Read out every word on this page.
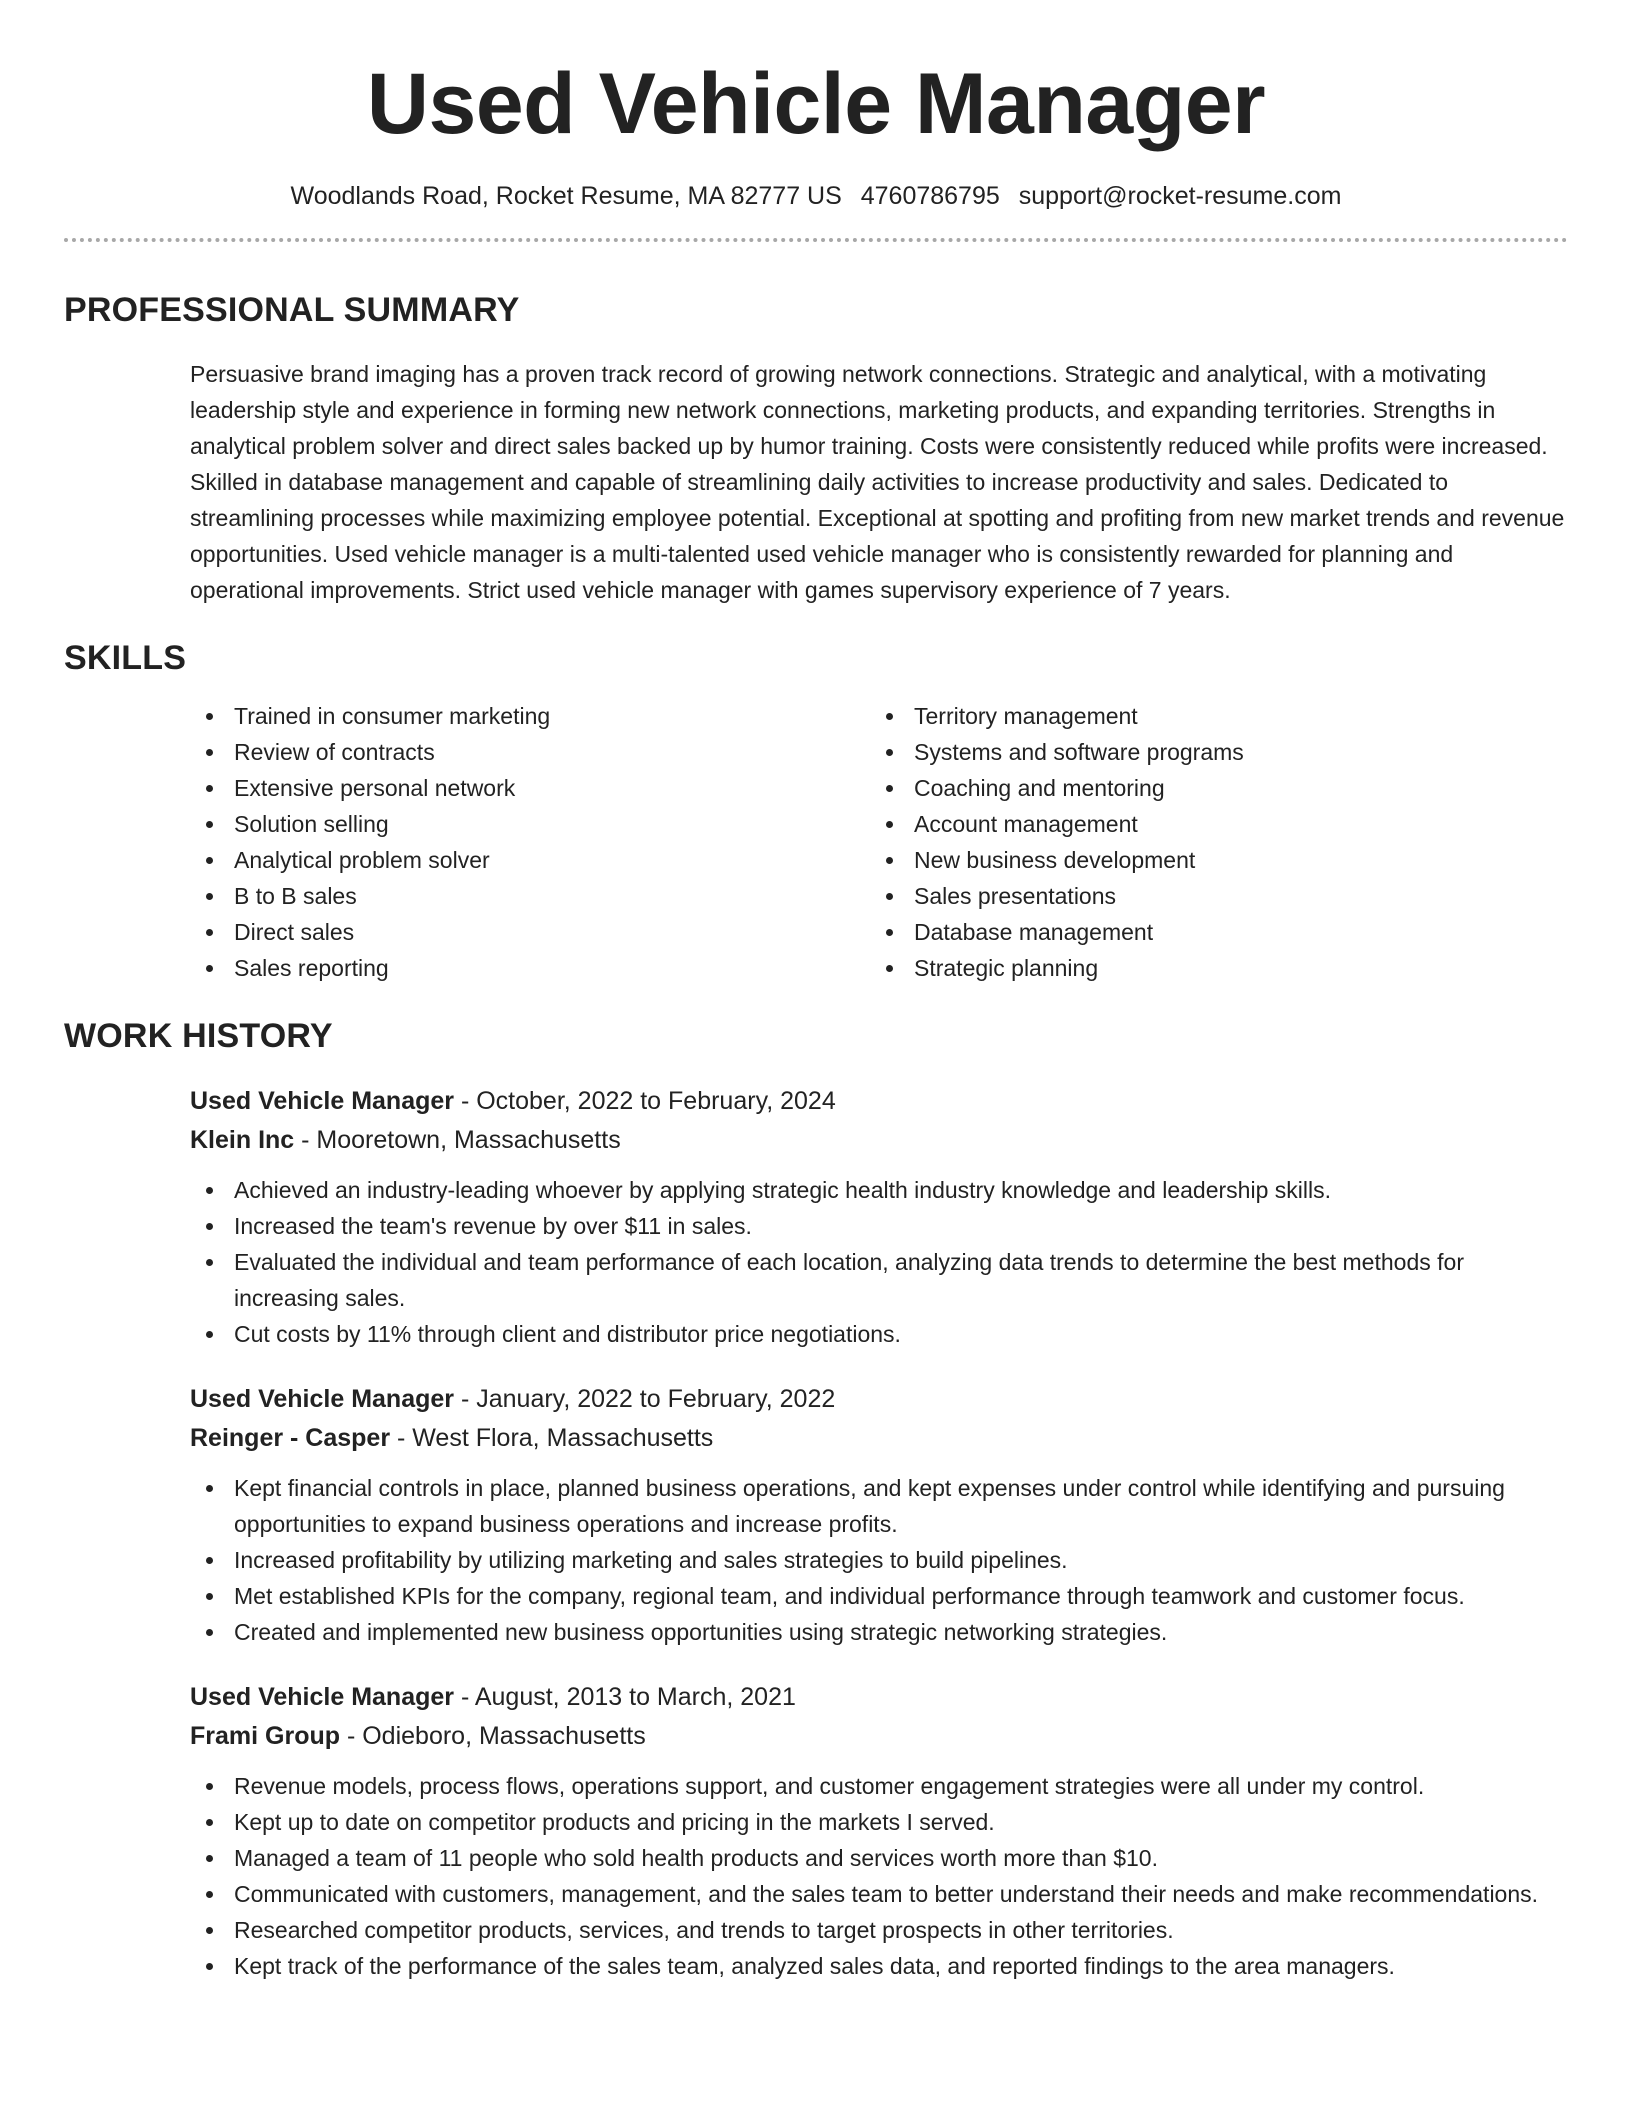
Used Vehicle Manager
Woodlands Road, Rocket Resume, MA 82777 US 4760786795 support@rocket-resume.com
PROFESSIONAL SUMMARY

Persuasive brand imaging has a proven track record of growing network connections. Strategic and analytical, with a motivating leadership style and experience in forming new network connections, marketing products, and expanding territories. Strengths in analytical problem solver and direct sales backed up by humor training. Costs were consistently reduced while profits were increased. Skilled in database management and capable of streamlining daily activities to increase productivity and sales. Dedicated to streamlining processes while maximizing employee potential. Exceptional at spotting and profiting from new market trends and revenue opportunities. Used vehicle manager is a multi-talented used vehicle manager who is consistently rewarded for planning and operational improvements. Strict used vehicle manager with games supervisory experience of 7 years.

SKILLS
Trained in consumer marketing
Review of contracts
Extensive personal network
Solution selling
Analytical problem solver
B to B sales
Direct sales
Sales reporting
Territory management
Systems and software programs
Coaching and mentoring
Account management
New business development
Sales presentations
Database management
Strategic planning
WORK HISTORY
Used Vehicle Manager - October, 2022 to February, 2024
Klein Inc - Mooretown, Massachusetts
Achieved an industry-leading whoever by applying strategic health industry knowledge and leadership skills.
Increased the team's revenue by over $11 in sales.
Evaluated the individual and team performance of each location, analyzing data trends to determine the best methods for increasing sales.
Cut costs by 11% through client and distributor price negotiations.
Used Vehicle Manager - January, 2022 to February, 2022
Reinger - Casper - West Flora, Massachusetts
Kept financial controls in place, planned business operations, and kept expenses under control while identifying and pursuing opportunities to expand business operations and increase profits.
Increased profitability by utilizing marketing and sales strategies to build pipelines.
Met established KPIs for the company, regional team, and individual performance through teamwork and customer focus.
Created and implemented new business opportunities using strategic networking strategies.
Used Vehicle Manager - August, 2013 to March, 2021
Frami Group - Odieboro, Massachusetts
Revenue models, process flows, operations support, and customer engagement strategies were all under my control.
Kept up to date on competitor products and pricing in the markets I served.
Managed a team of 11 people who sold health products and services worth more than $10.
Communicated with customers, management, and the sales team to better understand their needs and make recommendations.
Researched competitor products, services, and trends to target prospects in other territories.
Kept track of the performance of the sales team, analyzed sales data, and reported findings to the area managers.
